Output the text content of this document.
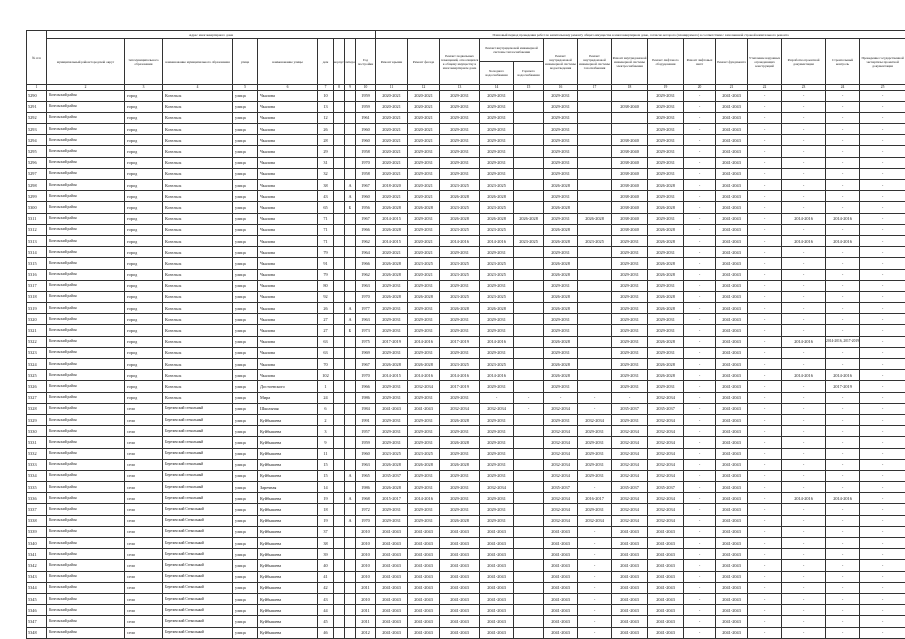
№ п/п	Адрес многоквартирного дома									Плановый период проведения работ по капитальному ремонту общего имущества в многоквартирном доме, согласно которого (планируемого) в соответствии с заполненной строкой капитального ремонта														
	муниципальный район/городской округ	тип муниципального образования	наименование муниципального образования	улица	наименование улицы	дом	корпус	литера	Год постройки	Ремонт крыши	Ремонт фасада	Ремонт подвальных помещений, относящихся к общему имуществу в многоквартирном доме	Ремонт внутридомовой инженерной системы теплоснабжения		Ремонт внутридомовой инженерной системы водоотведения	Ремонт внутридомовой инженерной системы газоснабжения	Ремонт внутридомовой инженерной системы электроснабжения	Ремонт лифтового оборудования	Ремонт лифтовых шахт	Ремонт фундамента	Утепление наружных ограждающих конструкций	Разработка проектной документации	Строительный контроль	Проведение государственной экспертизы проектной документации
													Холодного водоснабжения	Горячего водоснабжения										
1	2	3	4	5	6	7	8	9	10	11	12	13	14	15	16	17	18	19	20	21	22	23	24	25
5290	Козельский район	город	Козельск	улица	Чкалова	10			1959	2020-2021	2020-2021	2029-2031	2029-2031		2029-2031			2029-2031	-	2041-2043	-	-	-	-
5291	Козельский район	город	Козельск	улица	Чкалова	13			1959	2020-2021	2020-2021	2029-2031	2029-2031		2029-2031		2038-2040	2029-2031	-	2041-2043	-	-	-	-
5292	Козельский район	город	Козельск	улица	Чкалова	12			1961	2020-2021	2020-2021	2029-2031	2029-2031		2029-2031			2029-2031	-	2041-2043	-	-	-	-
5293	Козельский район	город	Козельск	улица	Чкалова	26			1960	2020-2021	2020-2021	2029-2031	2029-2031		2029-2031			2029-2031	-	2041-2043	-	-	-	-
5294	Козельский район	город	Козельск	улица	Чкалова	28			1960	2020-2021	2020-2021	2029-2031	2029-2031		2029-2031		2038-2040	2029-2031	-	2041-2043	-	-	-	-
5295	Козельский район	город	Козельск	улица	Чкалова	29			1958	2020-2021	2029-2031	2029-2031	2029-2031		2029-2031		2038-2040	2029-2031	-	2041-2043	-	-	-	-
5296	Козельский район	город	Козельск	улица	Чкалова	31			1970	2020-2021	2029-2031	2029-2031	2029-2031		2029-2031		2038-2040	2029-2031	-	2041-2043	-	-	-	-
5297	Козельский район	город	Козельск	улица	Чкалова	32			1958	2020-2021	2029-2031	2029-2031	2029-2031		2029-2031		2038-2040	2029-2031	-	2041-2043	-	-	-	-
5298	Козельский район	город	Козельск	улица	Чкалова	38		А	1967	2018-2020	2020-2021	2023-2025	2023-2025		2026-2028		2038-2040	2026-2028	-	2041-2043	-	-	-	-
5299	Козельский район	город	Козельск	улица	Чкалова	43		А	1960	2020-2021	2020-2021	2026-2028	2026-2028		2029-2031		2038-2040	2029-2031	-	2041-2043	-	-	-	-
5300	Козельский район	город	Козельск	улица	Чкалова	65		Б	1956	2026-2028	2026-2028	2023-2025	2023-2025		2026-2028		2038-2040	2026-2028	-	2041-2043	-	-	-	-
5311	Козельский район	город	Козельск	улица	Чкалова	71			1967	2014-2015	2029-2031	2026-2028	2026-2028	2026-2028	2029-2031	2026-2028	2038-2040	2029-2031	-	2041-2043	-	2014-2016	2014-2016	-
5312	Козельский район	город	Козельск	улица	Чкалова	71			1966	2026-2028	2029-2031	2023-2025	2023-2025		2026-2028		2038-2040	2026-2028	-	2041-2043	-	-	-	-
5313	Козельский район	город	Козельск	улица	Чкалова	71			1962	2014-2015	2020-2021	2014-2016	2014-2016	2023-2025	2026-2028	2023-2025	2029-2031	2026-2028	-	2041-2043	-	2014-2016	2014-2016	-
5314	Козельский район	город	Козельск	улица	Чкалова	79			1964	2020-2021	2020-2021	2029-2031	2029-2031		2029-2031		2029-2031	2029-2031	-	2041-2043	-	-	-	-
5315	Козельский район	город	Козельск	улица	Чкалова	91			1966	2026-2028	2023-2025	2023-2025	2023-2025		2026-2028		2029-2031	2026-2028	-	2041-2043	-	-	-	-
5316	Козельский район	город	Козельск	улица	Чкалова	79			1962	2026-2028	2020-2021	2023-2025	2023-2025		2026-2028		2029-2031	2026-2028	-	2041-2043	-	-	-	-
5317	Козельский район	город	Козельск	улица	Чкалова	80			1963	2029-2031	2029-2031	2029-2031	2029-2031		2029-2031		2029-2031	2029-2031	-	2041-2043	-	-	-	-
5318	Козельский район	город	Козельск	улица	Чкалова	92			1970	2026-2028	2026-2028	2023-2025	2023-2025		2026-2028		2029-2031	2026-2028	-	2041-2043	-	-	-	-
5319	Козельский район	город	Козельск	улица	Чкалова	26		А	1977	2029-2031	2029-2031	2026-2028	2026-2028		2026-2028		2029-2031	2026-2028	-	2041-2043	-	-	-	-
5320	Козельский район	город	Козельск	улица	Чкалова	27		А	1963	2029-2031	2029-2031	2029-2031	2029-2031		2029-2031		2029-2031	2029-2031	-	2041-2043	-	-	-	-
5321	Козельский район	город	Козельск	улица	Чкалова	27		Б	1973	2029-2031	2029-2031	2029-2031	2029-2031		2029-2031		2029-2031	2029-2031	-	2041-2043	-	-	-	-
5322	Козельский район	город	Козельск	улица	Чкалова	63			1975	2017-2019	2014-2016	2017-2019	2014-2016		2026-2028		2029-2031	2026-2028	-	2041-2043	-	2014-2016	2014-2016, 2017-2019	-
5323	Козельский район	город	Козельск	улица	Чкалова	63			1969	2029-2031	2029-2031	2029-2031	2029-2031		2029-2031		2029-2031	2029-2031	-	2041-2043	-	-	-	-
5324	Козельский район	город	Козельск	улица	Чкалова	70			1967	2026-2028	2026-2028	2023-2025	2023-2025		2026-2028		2029-2031	2026-2028	-	2041-2043	-	-	-	-
5325	Козельский район	город	Козельск	улица	Чкалова	102			1970	2014-2015	2014-2016	2014-2016	2014-2016		2026-2028		2029-2031	2026-2028	-	2041-2043	-	2014-2016	2014-2016	-
5326	Козельский район	город	Козельск	улица	Достоевского	1			1966	2029-2031	2032-2034	2017-2019	2029-2031		2029-2031		2029-2031	2029-2031	-	2041-2043	-	-	2017-2019	-
5327	Козельский район	город	Козельск	улица	Мира	24			1986	2029-2031	2029-2031	2029-2031	-	-	-	-	-	2032-2034	-	2041-2043	-	-	-	-
5328	Козельский район	село	Березичский стекольный	улица	Школьная	6			1984	2041-2043	2041-2043	2032-2034	2032-2034	-	2032-2034	-	2035-2037	2035-2037	-	2041-2043	-	-	-	-
5329	Козельский район	село	Березичский стекольный	улица	Куйбышева	2			1991	2029-2031	2029-2031	2026-2028	2029-2031		2029-2031	2032-2034	2029-2031	2032-2034	-	2041-2043	-	-	-	-
5330	Козельский район	село	Березичский стекольный	улица	Куйбышева	3			1957	2029-2031	2029-2031	2029-2031	2029-2031		2032-2034	2029-2031	2032-2034	2032-2034	-	2041-2043	-	-	-	-
5331	Козельский район	село	Березичский стекольный	улица	Куйбышева	9			1959	2029-2031	2029-2031	2026-2028	2029-2031		2032-2034	2029-2031	2032-2034	2032-2034	-	2041-2043	-	-	-	-
5332	Козельский район	село	Березичский стекольный	улица	Куйбышева	11			1960	2023-2025	2023-2025	2029-2031	2029-2031		2032-2034	2029-2031	2032-2034	2032-2034	-	2041-2043	-	-	-	-
5333	Козельский район	село	Березичский стекольный	улица	Куйбышева	15			1963	2026-2028	2026-2028	2026-2028	2029-2031		2032-2034	2029-2031	2032-2034	2032-2034	-	2041-2043	-	-	-	-
5334	Козельский район	село	Березичский стекольный	улица	Куйбышева	15		А	1965	2035-2037	2029-2031	2029-2031	2029-2031		2032-2034	2029-2031	2032-2034	2032-2034	-	2041-2043	-	-	-	-
5335	Козельский район	село	Березичский стекольный	улица	Заречная	14			1986	2026-2028	2029-2031	2029-2031	2032-2034		2035-2037	-	2035-2037	2035-2037	-	2041-2043	-	-	-	-
5336	Козельский район	село	Березичский стекольный	улица	Куйбышева	19		А	1968	2015-2017	2014-2016	2029-2031	2029-2031		2032-2034	2016-2017	2032-2034	2032-2034	-	2041-2043	-	2014-2016	2014-2016	-
5337	Козельский район	село	Березичский Стекольный	улица	Куйбышева	18			1972	2029-2031	2029-2031	2029-2031	2029-2031		2032-2034	2029-2031	2032-2034	2032-2034	-	2041-2043	-	-	-	-
5338	Козельский район	село	Березичский Стекольный	улица	Куйбышева	19		А	1970	2029-2031	2029-2031	2026-2028	2029-2031		2032-2034	2032-2034	2032-2034	2032-2034	-	2041-2043	-	-	-	-
5339	Козельский район	село	Березичский Стекольный	улица	Куйбышева	37			2010	2041-2043	2041-2043	2041-2043	2041-2043		2041-2043	-	2041-2043	2041-2043	-	2041-2043	-	-	-	-
5340	Козельский район	село	Березичский Стекольный	улица	Куйбышева	38			2010	2041-2043	2041-2043	2041-2043	2041-2043		2041-2043	-	2041-2043	2041-2043	-	2041-2043	-	-	-	-
5341	Козельский район	село	Березичский Стекольный	улица	Куйбышева	39			2010	2041-2043	2041-2043	2041-2043	2041-2043		2041-2043	-	2041-2043	2041-2043	-	2041-2043	-	-	-	-
5342	Козельский район	село	Березичский Стекольный	улица	Куйбышева	40			2010	2041-2043	2041-2043	2041-2043	2041-2043		2041-2043	-	2041-2043	2041-2043	-	2041-2043	-	-	-	-
5343	Козельский район	село	Березичский Стекольный	улица	Куйбышева	41			2010	2041-2043	2041-2043	2041-2043	2041-2043		2041-2043	-	2041-2043	2041-2043	-	2041-2043	-	-	-	-
5344	Козельский район	село	Березичский Стекольный	улица	Куйбышева	42			2011	2041-2043	2041-2043	2041-2043	2041-2043		2041-2043	-	2041-2043	2041-2043	-	2041-2043	-	-	-	-
5345	Козельский район	село	Березичский Стекольный	улица	Куйбышева	43			2010	2041-2043	2041-2043	2041-2043	2041-2043		2041-2043	-	2041-2043	2041-2043	-	2041-2043	-	-	-	-
5346	Козельский район	село	Березичский Стекольный	улица	Куйбышева	44			2011	2041-2043	2041-2043	2041-2043	2041-2043		2041-2043	-	2041-2043	2041-2043	-	2041-2043	-	-	-	-
5347	Козельский район	село	Березичский Стекольный	улица	Куйбышева	45			2011	2041-2043	2041-2043	2041-2043	2041-2043		2041-2043	-	2041-2043	2041-2043	-	2041-2043	-	-	-	-
5348	Козельский район	село	Березичский Стекольный	улица	Куйбышева	46			2012	2041-2043	2041-2043	2041-2043	2041-2043		2041-2043	-	2041-2043	2041-2043	-	2041-2043	-	-	-	-
